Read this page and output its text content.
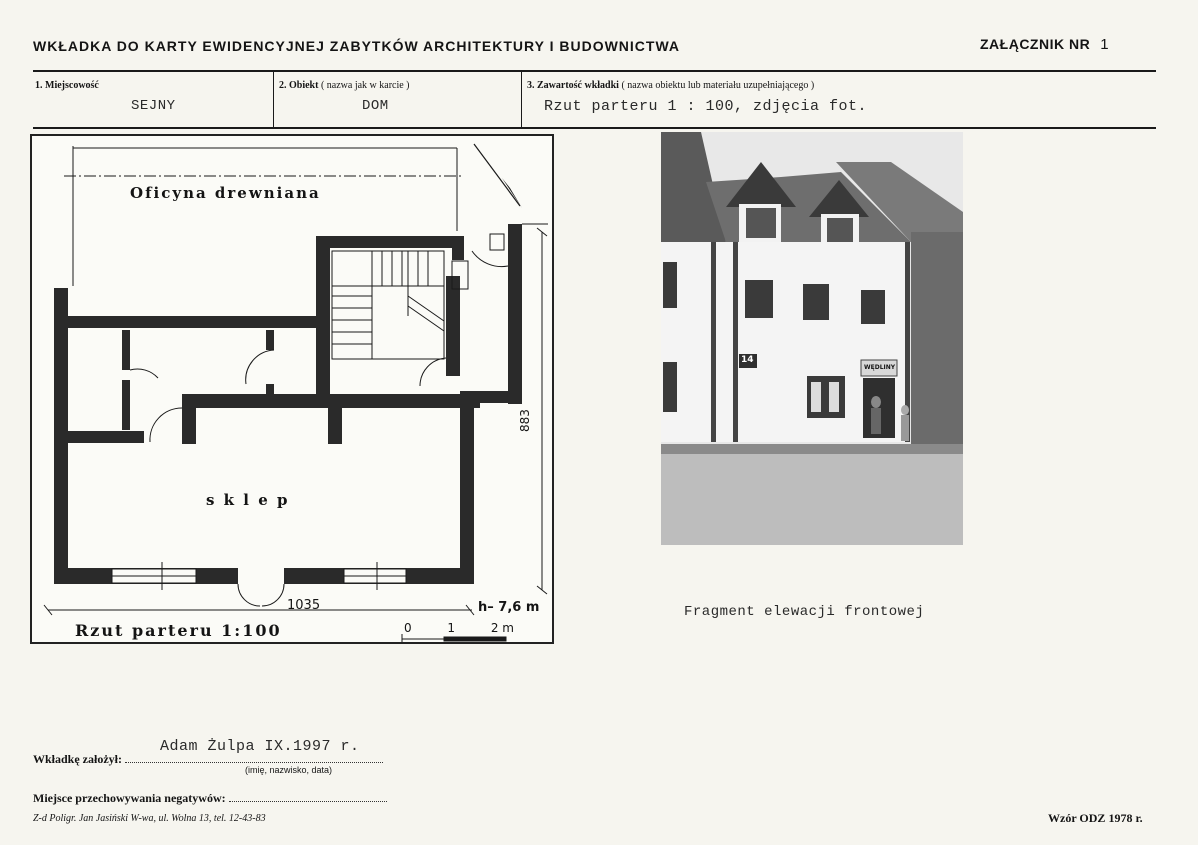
WKŁADKA DO KARTY EWIDENCYJNEJ ZABYTKÓW ARCHITEKTURY I BUDOWNICTWA	ZAŁĄCZNIK NR 1
1. Miejscowość
SEJNY
2. Obiekt ( nazwa jak w karcie )
DOM
3. Zawartość wkładki ( nazwa obiektu lub materiału uzupełniającego )
Rzut parteru 1 : 100, zdjęcia fot.
Oficyna drewniana
s k l e p
1035
883
h– 7,6 m
Rzut parteru 1:100	0	1	2 m
14
WĘDLINY
Fragment elewacji frontowej
Adam Żulpa IX.1997 r.
Wkładkę założył:
(imię, nazwisko, data)
Miejsce przechowywania negatywów:
Z-d Poligr. Jan Jasiński W-wa, ul. Wolna 13, tel. 12-43-83	Wzór ODZ 1978 r.
